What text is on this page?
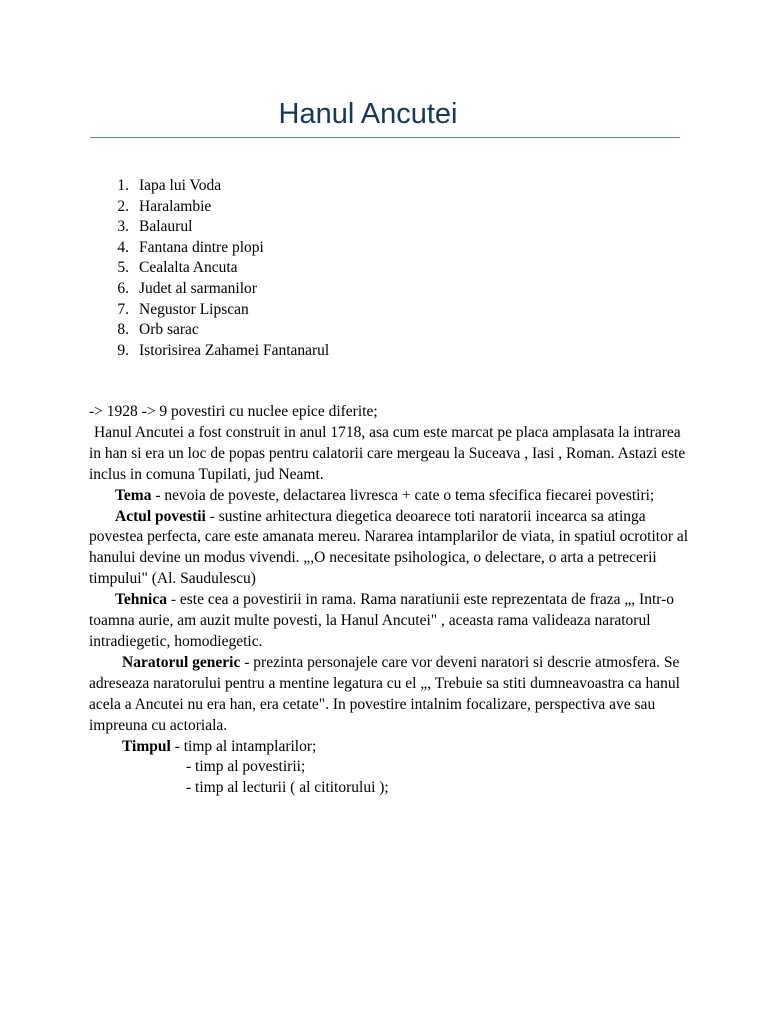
Hanul Ancutei
1. Iapa lui Voda
2. Haralambie
3. Balaurul
4. Fantana dintre plopi
5. Cealalta Ancuta
6. Judet al sarmanilor
7. Negustor Lipscan
8. Orb sarac
9. Istorisirea Zahamei Fantanarul

-> 1928 -> 9 povestiri cu nuclee epice diferite;

Hanul Ancutei a fost construit in anul 1718, asa cum este marcat pe placa amplasata la intrarea in han si era un loc de popas pentru calatorii care mergeau la Suceava , Iasi , Roman. Astazi este inclus in comuna Tupilati, jud Neamt.

Tema - nevoia de poveste, delactarea livresca + cate o tema sfecifica fiecarei povestiri;

Actul povestii - sustine arhitectura diegetica deoarece toti naratorii incearca sa atinga povestea perfecta, care este amanata mereu. Nararea intamplarilor de viata, in spatiul ocrotitor al hanului devine un modus vivendi. „,O necesitate psihologica, o delectare, o arta a petrecerii timpului" (Al. Saudulescu)

Tehnica - este cea a povestirii in rama. Rama naratiunii este reprezentata de fraza „, Intr-o toamna aurie, am auzit multe povesti, la Hanul Ancutei" , aceasta rama valideaza naratorul intradiegetic, homodiegetic.

Naratorul generic - prezinta personajele care vor deveni naratori si descrie atmosfera. Se adreseaza naratorului pentru a mentine legatura cu el „, Trebuie sa stiti dumneavoastra ca hanul acela a Ancutei nu era han, era cetate". In povestire intalnim focalizare, perspectiva ave sau impreuna cu actoriala.

Timpul - timp al intamplarilor;

- timp al povestirii;

- timp al lecturii ( al cititorului );
